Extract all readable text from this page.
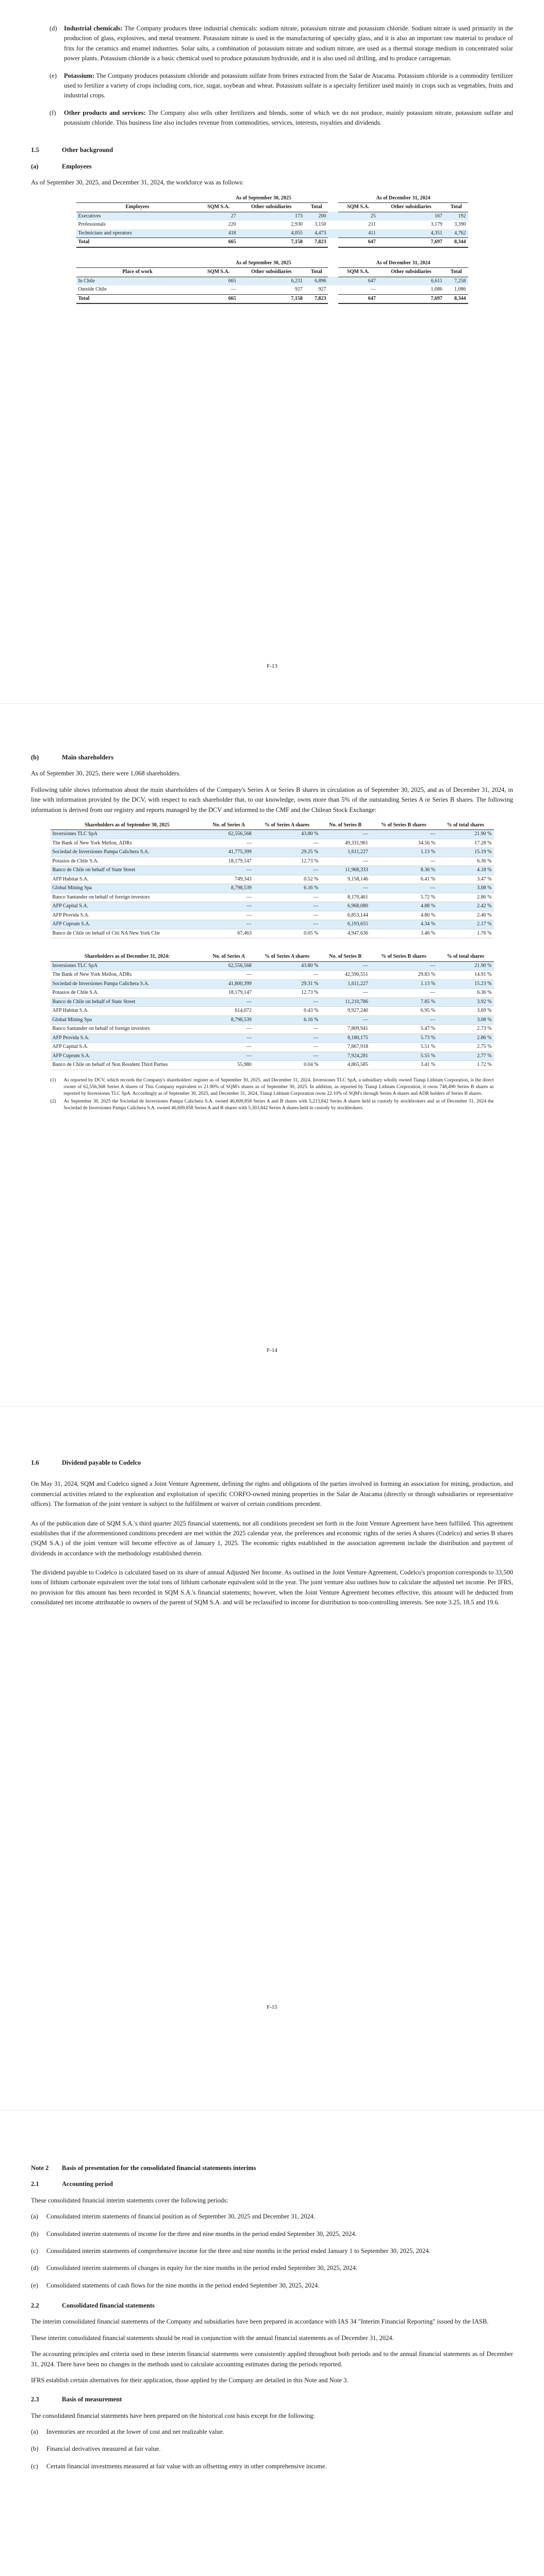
(d)	Industrial chemicals: The Company produces three industrial chemicals: sodium nitrate, potassium nitrate and potassium chloride. Sodium nitrate is used primarily in the production of glass, explosives, and metal treatment. Potassium nitrate is used in the manufacturing of specialty glass, and it is also an important raw material to produce of frits for the ceramics and enamel industries. Solar salts, a combination of potassium nitrate and sodium nitrate, are used as a thermal storage medium in concentrated solar power plants. Potassium chloride is a basic chemical used to produce potassium hydroxide, and it is also used oil drilling, and to produce carrageenan.
(e)	Potassium: The Company produces potassium chloride and potassium sulfate from brines extracted from the Salar de Atacama. Potassium chloride is a commodity fertilizer used to fertilize a variety of crops including corn, rice, sugar, soybean and wheat. Potassium sulfate is a specialty fertilizer used mainly in crops such as vegetables, fruits and industrial crops.
(f)	Other products and services: The Company also sells other fertilizers and blends, some of which we do not produce, mainly potassium nitrate, potassium sulfate and potassium chloride. This business line also includes revenue from commodities, services, interests, royalties and dividends.
1.5	Other background
(a)	Employees

As of September 30, 2025, and December 31, 2024, the workforce was as follows:

	As of September 30, 2025				As of December 31, 2024		
Employees	SQM S.A.	Other subsidiaries	Total		SQM S.A.	Other subsidiaries	Total
Executives	27	173	200		25	167	192
Professionals	220	2,930	3,150		211	3,179	3,390
Technicians and operators	418	4,055	4,473		411	4,351	4,762
Total	665	7,158	7,823		647	7,697	8,344
	As of September 30, 2025				As of December 31, 2024		
Place of work	SQM S.A.	Other subsidiaries	Total		SQM S.A.	Other subsidiaries	Total
In Chile	665	6,231	6,896		647	6,611	7,258
Outside Chile	—	927	927		—	1,086	1,086
Total	665	7,158	7,823		647	7,697	8,344
F-13
(b)	Main shareholders

As of September 30, 2025, there were 1,068 shareholders.

Following table shows information about the main shareholders of the Company's Series A or Series B shares in circulation as of September 30, 2025, and as of December 31, 2024, in line with information provided by the DCV, with respect to each shareholder that, to our knowledge, owns more than 5% of the outstanding Series A or Series B shares. The following information is derived from our registry and reports managed by the DCV and informed to the CMF and the Chilean Stock Exchange:

Shareholders as of September 30, 2025	No. of Series A	% of Series A shares	No. of Series B	% of Series B shares	% of total shares
Inversiones TLC SpA	62,556,568	43.80 %	—	—	21.90 %
The Bank of New York Mellon, ADRs	—	—	49,331,961	34.56 %	17.28 %
Sociedad de Inversiones Pampa Calichera S.A.	41,775,399	29.25 %	1,611,227	1.13 %	15.19 %
Potasios de Chile S.A.	18,179,147	12.73 %	—	—	6.36 %
Banco de Chile on behalf of State Street	—	—	11,968,333	8.36 %	4.18 %
AFP Habitat S.A.	749,343	0.52 %	9,158,146	6.41 %	3.47 %
Global Mining Spa	8,798,539	6.16 %	—	—	3.08 %
Banco Santander on behalf of foreign investors	—	—	8,170,461	5.72 %	2.86 %
AFP Capital S.A.	—	—	6,968,080	4.88 %	2.42 %
AFP Provida S.A.	—	—	6,853,144	4.80 %	2.40 %
AFP Cuprum S.A.	—	—	6,193,655	4.34 %	2.17 %
Banco de Chile on behalf of Citi NA New York Clie	67,463	0.05 %	4,947,636	3.46 %	1.76 %
Shareholders as of December 31, 2024:	No. of Series A	% of Series A shares	No. of Series B	% of Series B shares	% of total shares
Inversiones TLC SpA	62,556,568	43.80 %	—	—	21.90 %
The Bank of New York Mellon, ADRs	—	—	42,590,551	29.83 %	14.91 %
Sociedad de Inversiones Pampa Calichera S.A.	41,800,399	29.31 %	1,611,227	1.13 %	15.23 %
Potasios de Chile S.A.	18,179,147	12.73 %	—	—	6.36 %
Banco de Chile on behalf of State Street	—	—	11,210,786	7.85 %	3.92 %
AFP Habitat S.A.	614,072	0.43 %	9,927,240	6.95 %	3.69 %
Global Mining Spa	8,798,539	6.16 %	—	—	3.08 %
Banco Santander on behalf of foreign investors	—	—	7,809,941	5.47 %	2.73 %
AFP Provida S.A.	—	—	8,180,175	5.73 %	2.86 %
AFP Capital S.A.	—	—	7,867,918	5.51 %	2.75 %
AFP Cuprum S.A.	—	—	7,924,281	5.55 %	2.77 %
Banco de Chile on behalf of Non Resident Third Parties	55,980	0.04 %	4,865,585	3.41 %	1.72 %
(1)	As reported by DCV, which records the Company's shareholders' register as of September 30, 2025, and December 31, 2024, Inversiones TLC SpA, a subsidiary wholly owned Tianqi Lithium Corporation, is the direct owner of 62,556,568 Series A shares of This Company equivalent to 21.90% of SQM's shares as of September 30, 2025. In addition, as reported by Tianqi Lithium Corporation, it owns 748,490 Series B shares as reported by Inversiones TLC SpA. Accordingly as of September 30, 2025, and December 31, 2024, Tianqi Lithium Corporation owns 22.10% of SQM's through Series A shares and ADR holders of Series B shares.
(2)	As September 30, 2025 the Sociedad de Inversiones Pampa Calichera S.A. owned 46,609,858 Series A and B shares with 5,213,842 Series A shares held in custody by stockbrokers and as of December 31, 2024 the Sociedad de Inversiones Pampa Calichera S.A. owned 46,609,858 Series A and B shares with 5,303,842 Series A shares held in custody by stockbrokers.
F-14
1.6	Dividend payable to Codelco

On May 31, 2024, SQM and Codelco signed a Joint Venture Agreement, defining the rights and obligations of the parties involved in forming an association for mining, production, and commercial activities related to the exploration and exploitation of specific CORFO-owned mining properties in the Salar de Atacama (directly or through subsidiaries or representative offices). The formation of the joint venture is subject to the fulfillment or waiver of certain conditions precedent.

As of the publication date of SQM S.A.'s third quarter 2025 financial statements, not all conditions precedent set forth in the Joint Venture Agreement have been fulfilled. This agreement establishes that if the aforementioned conditions precedent are met within the 2025 calendar year, the preferences and economic rights of the series A shares (Codelco) and series B shares (SQM S.A.) of the joint venture will become effective as of January 1, 2025. The economic rights established in the association agreement include the distribution and payment of dividends in accordance with the methodology established therein.

The dividend payable to Codelco is calculated based on its share of annual Adjusted Net Income. As outlined in the Joint Venture Agreement, Codelco's proportion corresponds to 33,500 tons of lithium carbonate equivalent over the total tons of lithium carbonate equivalent sold in the year. The joint venture also outlines how to calculate the adjusted net income. Per IFRS, no provision for this amount has been recorded in SQM S.A.'s financial statements; however, when the Joint Venture Agreement becomes effective, this amount will be deducted from consolidated net income attributable to owners of the parent of SQM S.A. and will be reclassified to income for distribution to non-controlling interests. See note 3.25, 18.5 and 19.6.

F-15
Note 2	Basis of presentation for the consolidated financial statements interims
2.1	Accounting period

These consolidated financial interim statements cover the following periods:

(a)	Consolidated interim statements of financial position as of September 30, 2025 and December 31, 2024.
(b)	Consolidated interim statements of income for the three and nine months in the period ended September 30, 2025, 2024.
(c)	Consolidated interim statements of comprehensive income for the three and nine months in the period ended January 1 to September 30, 2025, 2024.
(d)	Consolidated interim statements of changes in equity for the nine months in the period ended September 30, 2025, 2024.
(e)	Consolidated statements of cash flows for the nine months in the period ended September 30, 2025, 2024.
2.2	Consolidated financial statements

The interim consolidated financial statements of the Company and subsidiaries have been prepared in accordance with IAS 34 "Interim Financial Reporting" issued by the IASB.

These interim consolidated financial statements should be read in conjunction with the annual financial statements as of December 31, 2024.

The accounting principles and criteria used in these interim financial statements were consistently applied throughout both periods and to the annual financial statements as of December 31, 2024. There have been no changes in the methods used to calculate accounting estimates during the periods reported.

IFRS establish certain alternatives for their application, those applied by the Company are detailed in this Note and Note 3.

2.3	Basis of measurement

The consolidated financial statements have been prepared on the historical cost basis except for the following:

(a)	Inventories are recorded at the lower of cost and net realizable value.
(b)	Financial derivatives measured at fair value.
(c)	Certain financial investments measured at fair value with an offsetting entry in other comprehensive income.
